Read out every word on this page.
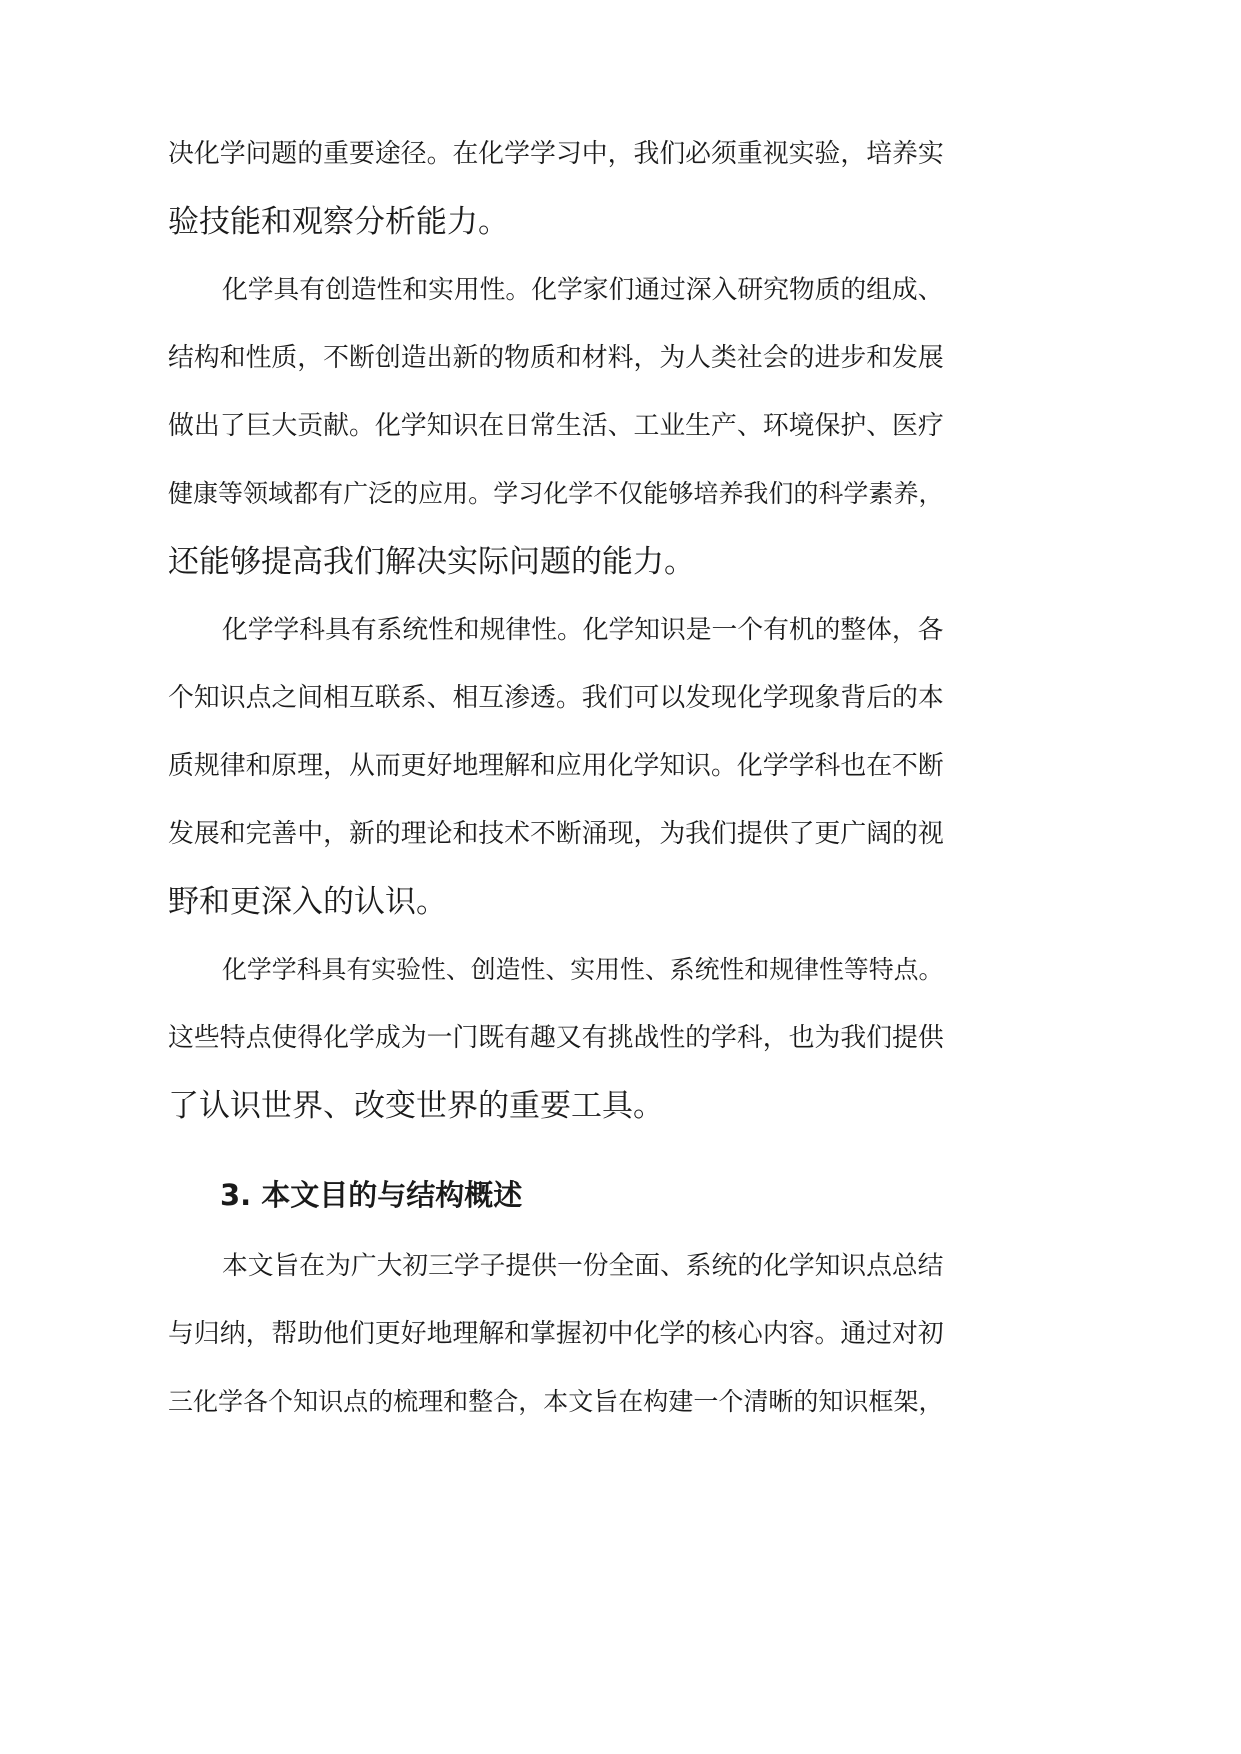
决化学问题的重要途径。在化学学习中，我们必须重视实验，培养实
验技能和观察分析能力。
化学具有创造性和实用性。化学家们通过深入研究物质的组成、
结构和性质，不断创造出新的物质和材料，为人类社会的进步和发展
做出了巨大贡献。化学知识在日常生活、工业生产、环境保护、医疗
健康等领域都有广泛的应用。学习化学不仅能够培养我们的科学素养，
还能够提高我们解决实际问题的能力。
化学学科具有系统性和规律性。化学知识是一个有机的整体，各
个知识点之间相互联系、相互渗透。我们可以发现化学现象背后的本
质规律和原理，从而更好地理解和应用化学知识。化学学科也在不断
发展和完善中，新的理论和技术不断涌现，为我们提供了更广阔的视
野和更深入的认识。
化学学科具有实验性、创造性、实用性、系统性和规律性等特点。
这些特点使得化学成为一门既有趣又有挑战性的学科，也为我们提供
了认识世界、改变世界的重要工具。
3. 本文目的与结构概述
本文旨在为广大初三学子提供一份全面、系统的化学知识点总结
与归纳，帮助他们更好地理解和掌握初中化学的核心内容。通过对初
三化学各个知识点的梳理和整合，本文旨在构建一个清晰的知识框架，
